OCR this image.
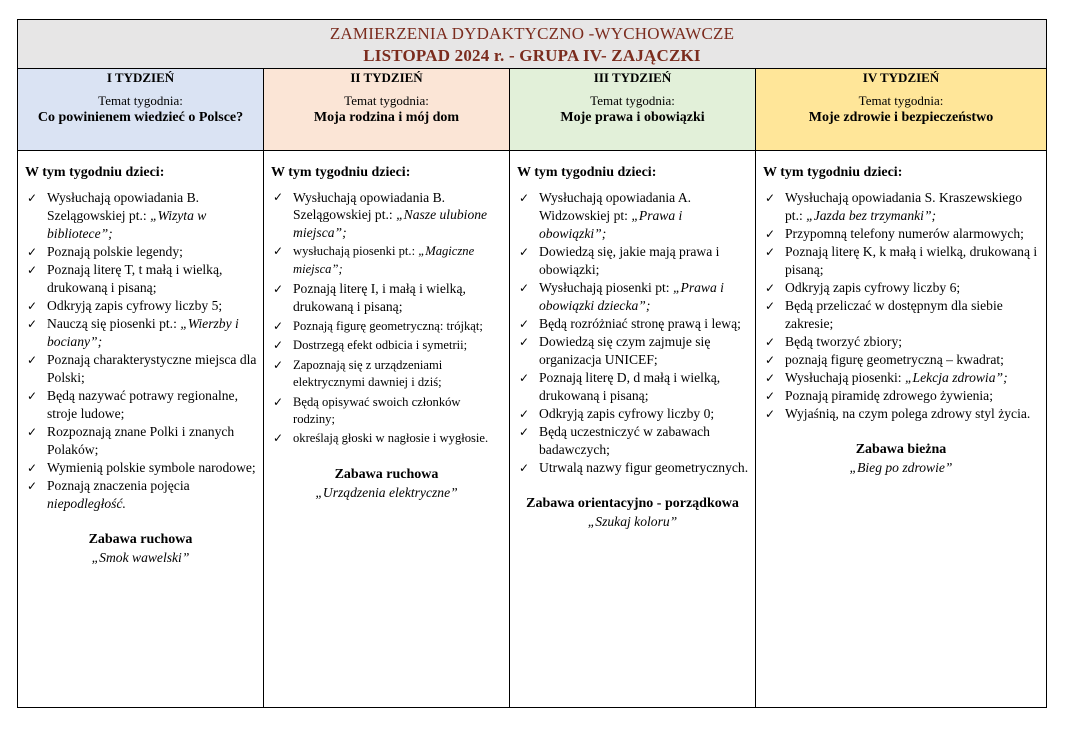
ZAMIERZENIA DYDAKTYCZNO -WYCHOWAWCZE
LISTOPAD 2024 r. - GRUPA IV- ZAJĄCZKI
I TYDZIEŃ
Temat tygodnia:
Co powinienem wiedzieć o Polsce?
II TYDZIEŃ
Temat tygodnia:
Moja rodzina i mój dom
III TYDZIEŃ
Temat tygodnia:
Moje prawa i obowiązki
IV TYDZIEŃ
Temat tygodnia:
Moje zdrowie i bezpieczeństwo
W tym tygodniu dzieci:
✓ Wysłuchają opowiadania B. Szelągowskiej pt.: „Wizyta w bibliotece”;
✓ Poznają polskie legendy;
✓ Poznają literę T, t małą i wielką, drukowaną i pisaną;
✓ Odkryją zapis cyfrowy liczby 5;
✓ Nauczą się piosenki pt.: „Wierzby i bociany”;
✓ Poznają charakterystyczne miejsca dla Polski;
✓ Będą nazywać potrawy regionalne, stroje ludowe;
✓ Rozpoznają znane Polki i znanych Polaków;
✓ Wymienią polskie symbole narodowe;
✓ Poznają znaczenia pojęcia niepodległość.
Zabawa ruchowa
„Smok wawelski”
W tym tygodniu dzieci:
✓ Wysłuchają opowiadania B. Szelągowskiej pt.: „Nasze ulubione miejsca”;
✓ wysłuchają piosenki pt.: „Magiczne miejsca”;
✓ Poznają literę I, i małą i wielką, drukowaną i pisaną;
✓ Poznają figurę geometryczną: trójkąt;
✓ Dostrzegą efekt odbicia i symetrii;
✓ Zapoznają się z urządzeniami elektrycznymi dawniej i dziś;
✓ Będą opisywać swoich członków rodziny;
✓ określają głoski w nagłosie i wygłosie.
Zabawa ruchowa
„Urządzenia elektryczne”
W tym tygodniu dzieci:
✓ Wysłuchają opowiadania A. Widzowskiej pt: „Prawa i obowiązki”;
✓ Dowiedzą się, jakie mają prawa i obowiązki;
✓ Wysłuchają piosenki pt: „Prawa i obowiązki dziecka”;
✓ Będą rozróżniać stronę prawą i lewą;
✓ Dowiedzą się czym zajmuje się organizacja UNICEF;
✓ Poznają literę D, d małą i wielką, drukowaną i pisaną;
✓ Odkryją zapis cyfrowy liczby 0;
✓ Będą uczestniczyć w zabawach badawczych;
✓ Utrwalą nazwy figur geometrycznych.
Zabawa orientacyjno - porządkowa
„Szukaj koloru”
W tym tygodniu dzieci:
✓ Wysłuchają opowiadania S. Kraszewskiego pt.: „Jazda bez trzymanki”;
✓ Przypomną telefony numerów alarmowych;
✓ Poznają literę K, k małą i wielką, drukowaną i pisaną;
✓ Odkryją zapis cyfrowy liczby 6;
✓ Będą przeliczać w dostępnym dla siebie zakresie;
✓ Będą tworzyć zbiory;
✓ poznają figurę geometryczną – kwadrat;
✓ Wysłuchają piosenki: „Lekcja zdrowia”;
✓ Poznają piramidę zdrowego żywienia;
✓ Wyjaśnią, na czym polega zdrowy styl życia.
Zabawa bieżna
„Bieg po zdrowie”
